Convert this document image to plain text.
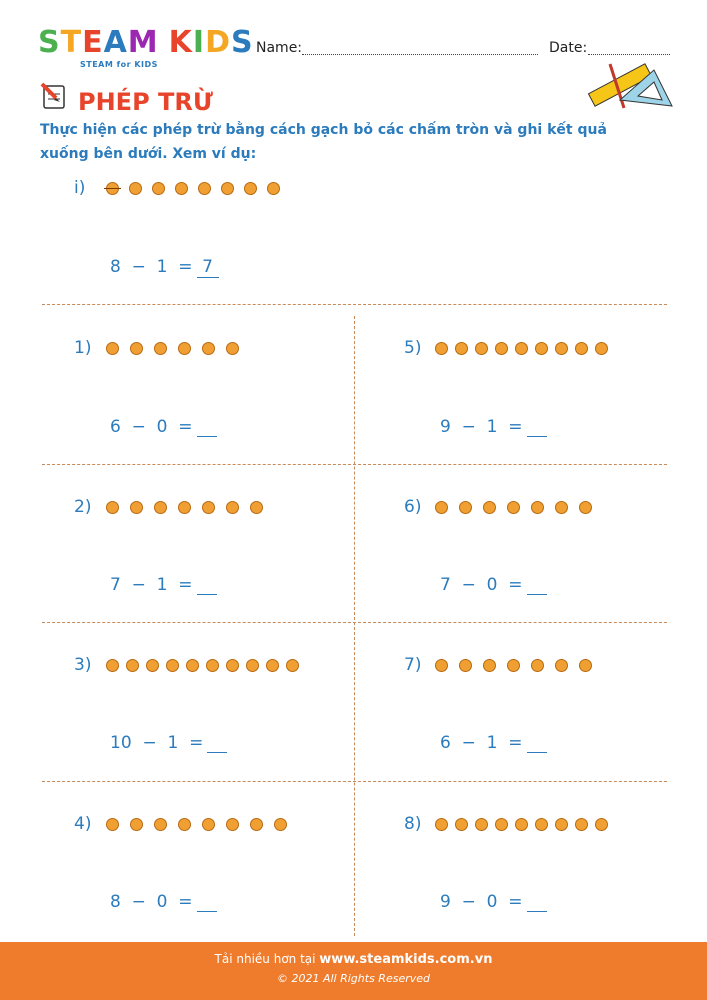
STEAM KIDS
STEAM for KIDS
Name:	Date:
PHÉP TRỪ
Thực hiện các phép trừ bằng cách gạch bỏ các chấm tròn và ghi kết quả xuống bên dưới. Xem ví dụ:
i)
8  −  1  = 7
1)
6  −  0  =
2)
7  −  1  =
3)
10  −  1  =
4)
8  −  0  =
5)
9  −  1  =
6)
7  −  0  =
7)
6  −  1  =
8)
9  −  0  =
Tải nhiều hơn tại www.steamkids.com.vn
© 2021 All Rights Reserved
